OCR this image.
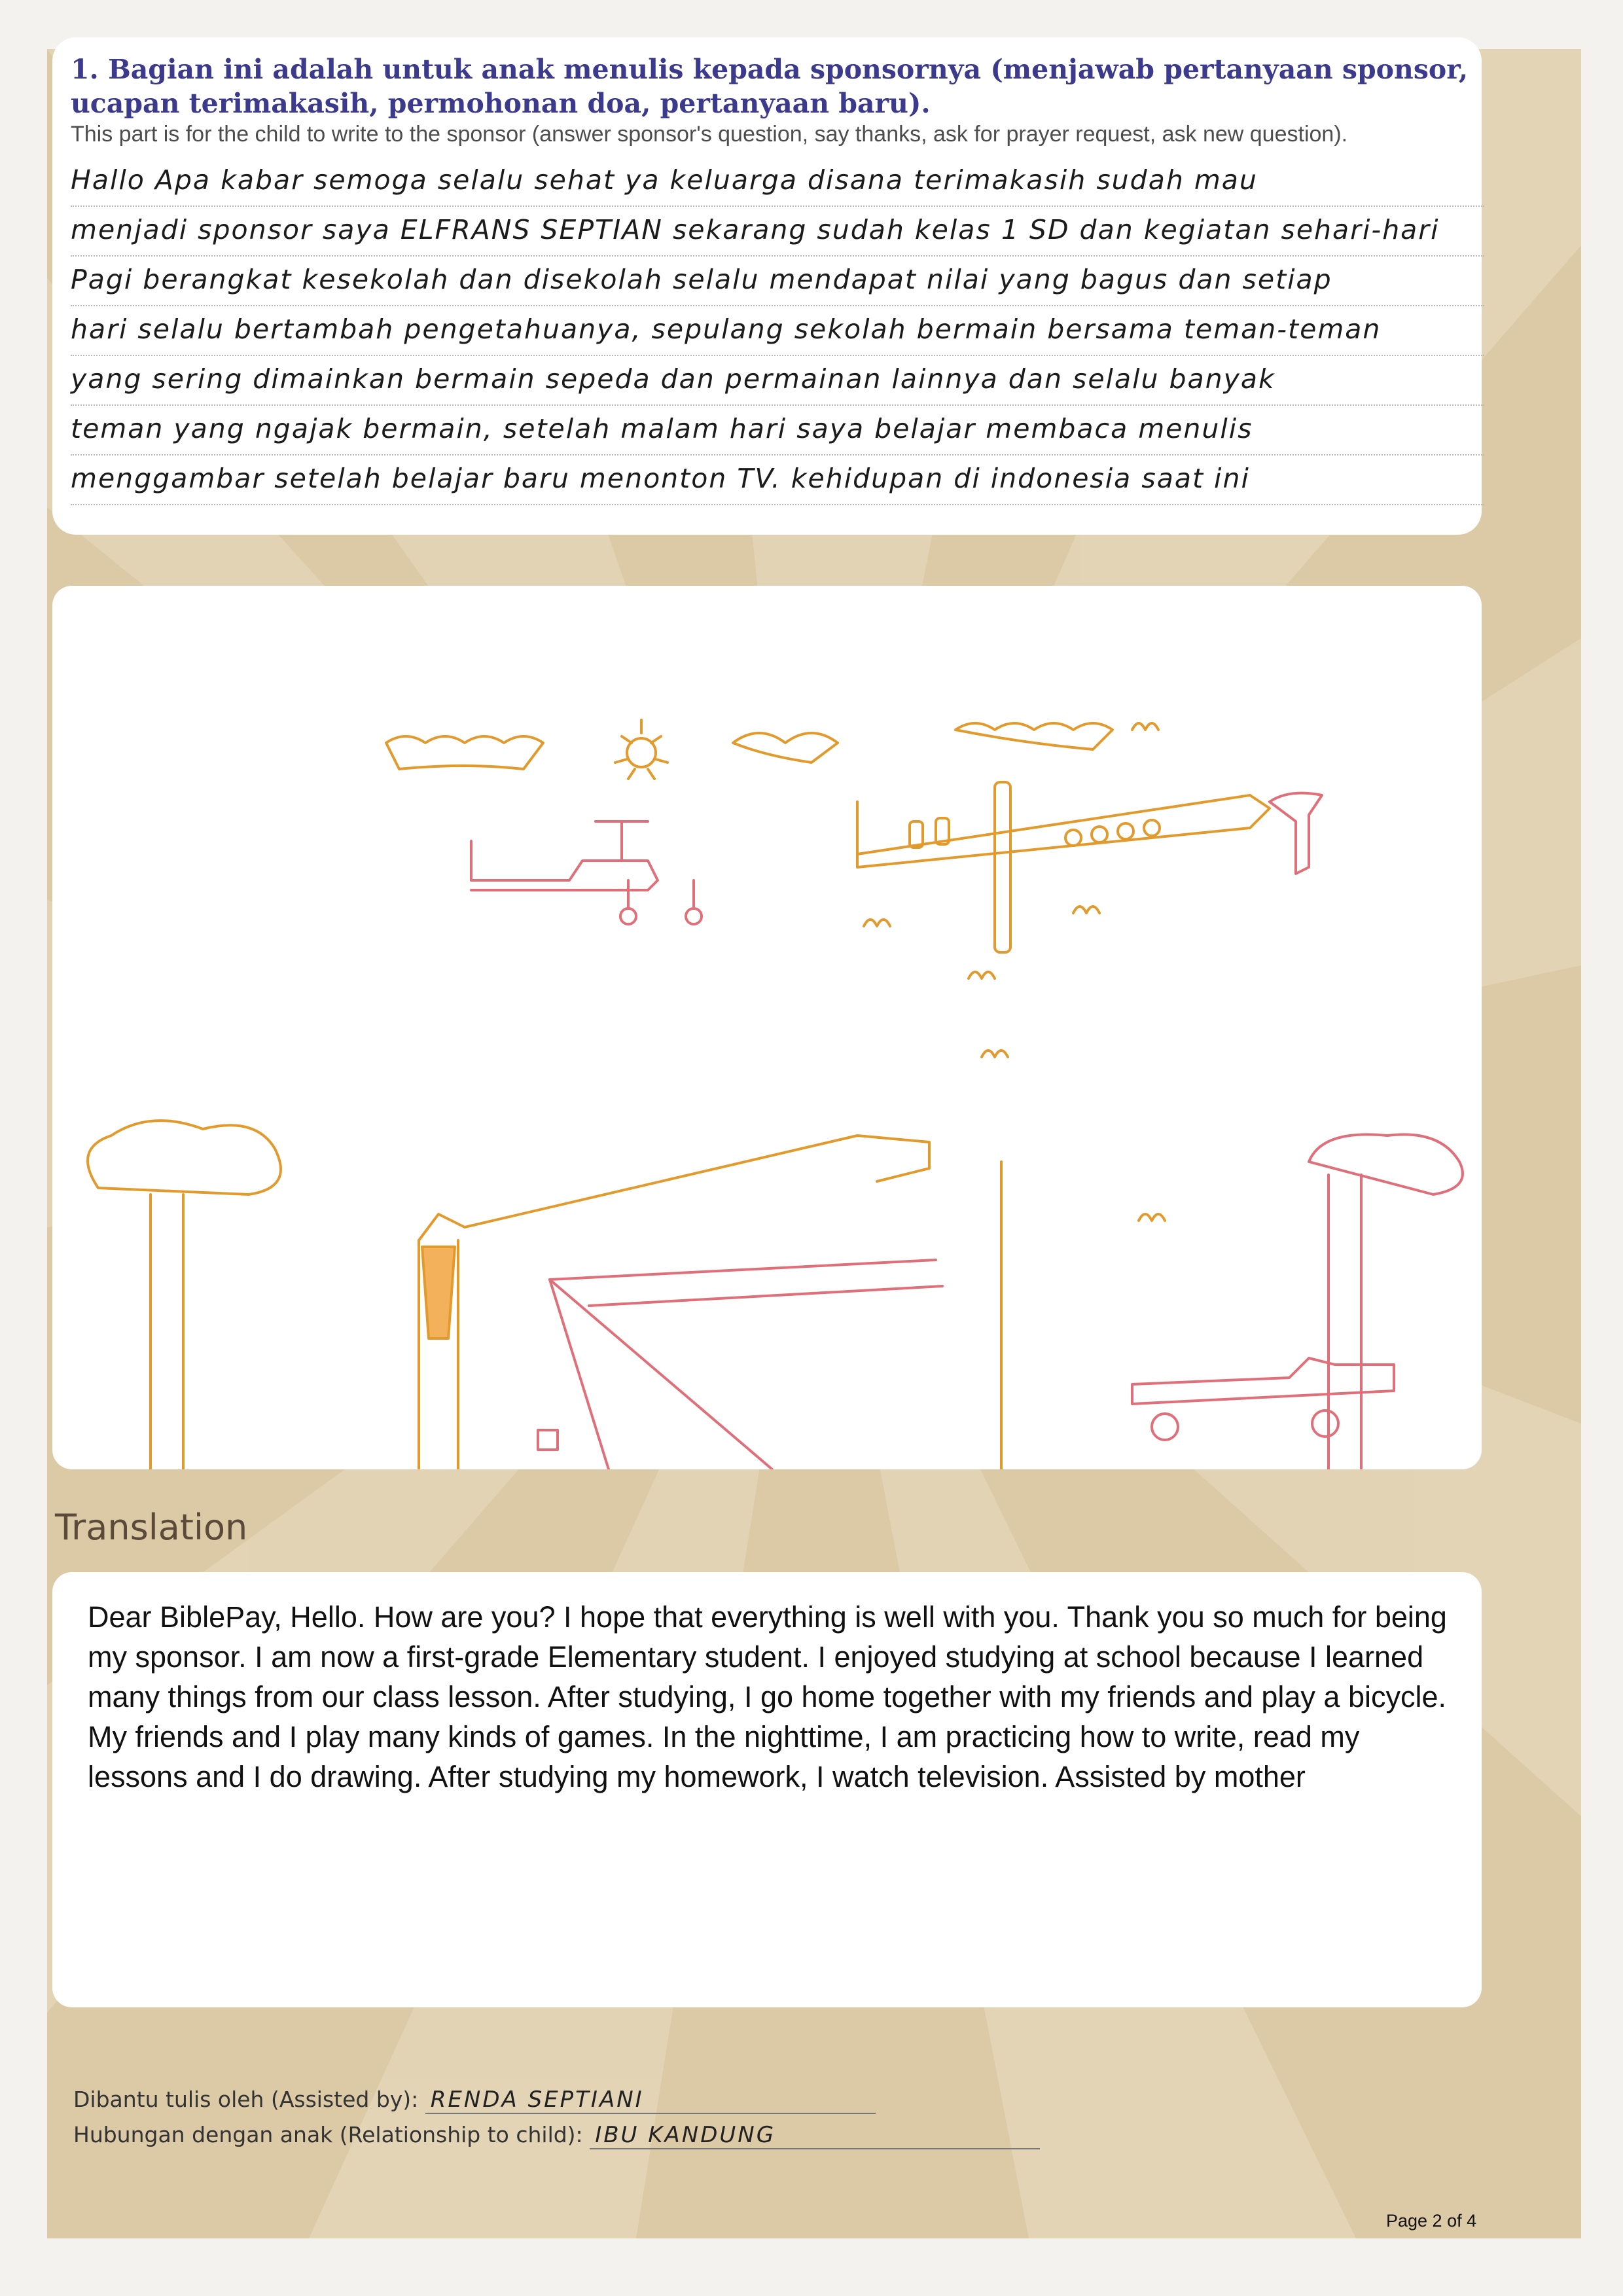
1. Bagian ini adalah untuk anak menulis kepada sponsornya (menjawab pertanyaan sponsor, ucapan terimakasih, permohonan doa, pertanyaan baru).
This part is for the child to write to the sponsor (answer sponsor's question, say thanks, ask for prayer request, ask new question).
Hallo Apa kabar semoga selalu sehat ya keluarga disana terimakasih sudah mau
menjadi sponsor saya ELFRANS SEPTIAN sekarang sudah kelas 1 SD dan kegiatan sehari-hari
Pagi berangkat kesekolah dan disekolah selalu mendapat nilai yang bagus dan setiap
hari selalu bertambah pengetahuanya, sepulang sekolah bermain bersama teman-teman
yang sering dimainkan bermain sepeda dan permainan lainnya dan selalu banyak
teman yang ngajak bermain, setelah malam hari saya belajar membaca menulis
menggambar setelah belajar baru menonton TV. kehidupan di indonesia saat ini
Translation
Dear BiblePay, Hello. How are you? I hope that everything is well with you. Thank you so much for being my sponsor. I am now a first-grade Elementary student. I enjoyed studying at school because I learned many things from our class lesson. After studying, I go home together with my friends and play a bicycle. My friends and I play many kinds of games. In the nighttime, I am practicing how to write, read my lessons and I do drawing. After studying my homework, I watch television. Assisted by mother
Dibantu tulis oleh (Assisted by): RENDA SEPTIANI
Hubungan dengan anak (Relationship to child): IBU KANDUNG
Page 2 of 4
